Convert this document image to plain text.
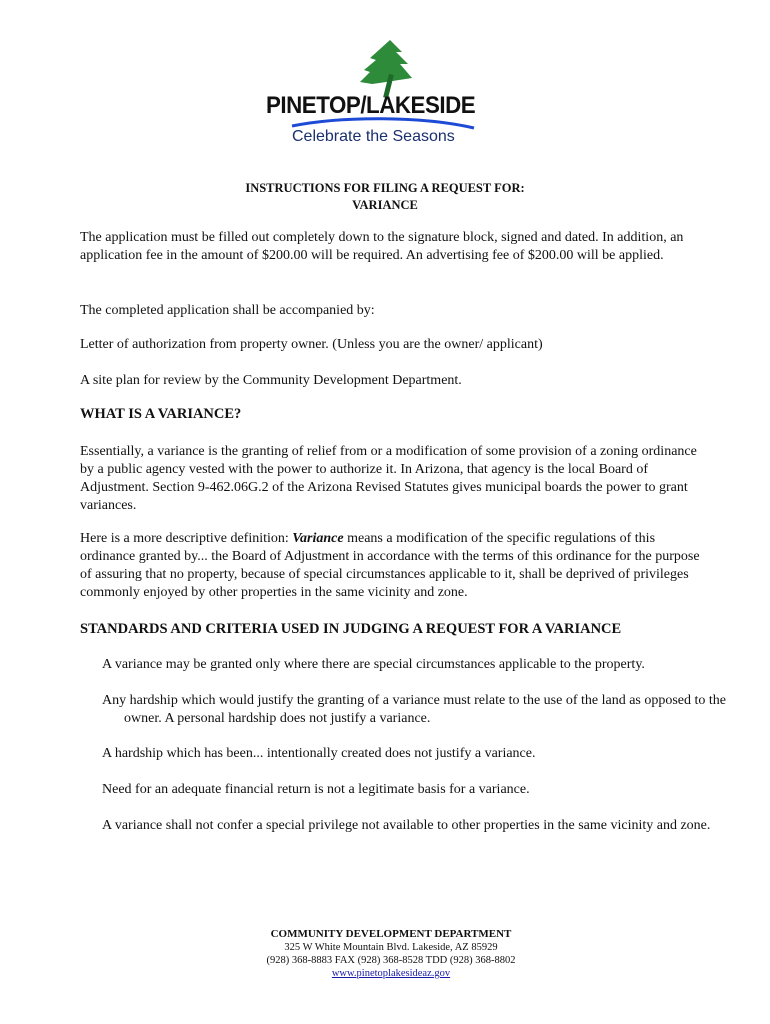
PINETOP/LAKESIDE
Celebrate the Seasons
INSTRUCTIONS FOR FILING A REQUEST FOR:
VARIANCE
The application must be filled out completely down to the signature block, signed and dated. In addition, an application fee in the amount of $200.00 will be required. An advertising fee of $200.00 will be applied.
The completed application shall be accompanied by:
Letter of authorization from property owner. (Unless you are the owner/ applicant)
A site plan for review by the Community Development Department.
WHAT IS A VARIANCE?
Essentially, a variance is the granting of relief from or a modification of some provision of a zoning ordinance by a public agency vested with the power to authorize it. In Arizona, that agency is the local Board of Adjustment. Section 9-462.06G.2 of the Arizona Revised Statutes gives municipal boards the power to grant variances.
Here is a more descriptive definition: Variance means a modification of the specific regulations of this ordinance granted by... the Board of Adjustment in accordance with the terms of this ordinance for the purpose of assuring that no property, because of special circumstances applicable to it, shall be deprived of privileges commonly enjoyed by other properties in the same vicinity and zone.
STANDARDS AND CRITERIA USED IN JUDGING A REQUEST FOR A VARIANCE
A variance may be granted only where there are special circumstances applicable to the property.
Any hardship which would justify the granting of a variance must relate to the use of the land as opposed to the owner. A personal hardship does not justify a variance.
A hardship which has been... intentionally created does not justify a variance.
Need for an adequate financial return is not a legitimate basis for a variance.
A variance shall not confer a special privilege not available to other properties in the same vicinity and zone.
COMMUNITY DEVELOPMENT DEPARTMENT
325 W White Mountain Blvd. Lakeside, AZ 85929
(928) 368-8883 FAX (928) 368-8528 TDD (928) 368-8802
www.pinetoplakesideaz.gov
